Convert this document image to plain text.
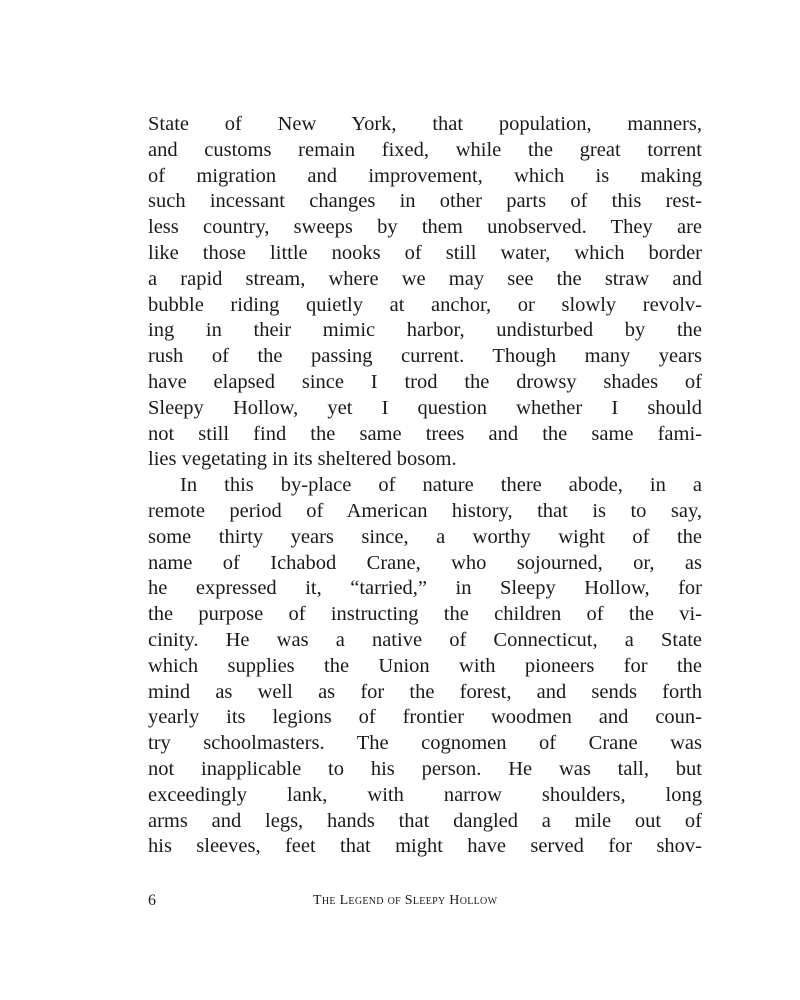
State of New York, that population, manners,
and customs remain fixed, while the great torrent
of migration and improvement, which is making
such incessant changes in other parts of this rest-
less country, sweeps by them unobserved. They are
like those little nooks of still water, which border
a rapid stream, where we may see the straw and
bubble riding quietly at anchor, or slowly revolv-
ing in their mimic harbor, undisturbed by the
rush of the passing current. Though many years
have elapsed since I trod the drowsy shades of
Sleepy Hollow, yet I question whether I should
not still find the same trees and the same fami-
lies vegetating in its sheltered bosom.
In this by-place of nature there abode, in a
remote period of American history, that is to say,
some thirty years since, a worthy wight of the
name of Ichabod Crane, who sojourned, or, as
he expressed it, “tarried,” in Sleepy Hollow, for
the purpose of instructing the children of the vi-
cinity. He was a native of Connecticut, a State
which supplies the Union with pioneers for the
mind as well as for the forest, and sends forth
yearly its legions of frontier woodmen and coun-
try schoolmasters. The cognomen of Crane was
not inapplicable to his person. He was tall, but
exceedingly lank, with narrow shoulders, long
arms and legs, hands that dangled a mile out of
his sleeves, feet that might have served for shov-
6	The Legend of Sleepy Hollow
